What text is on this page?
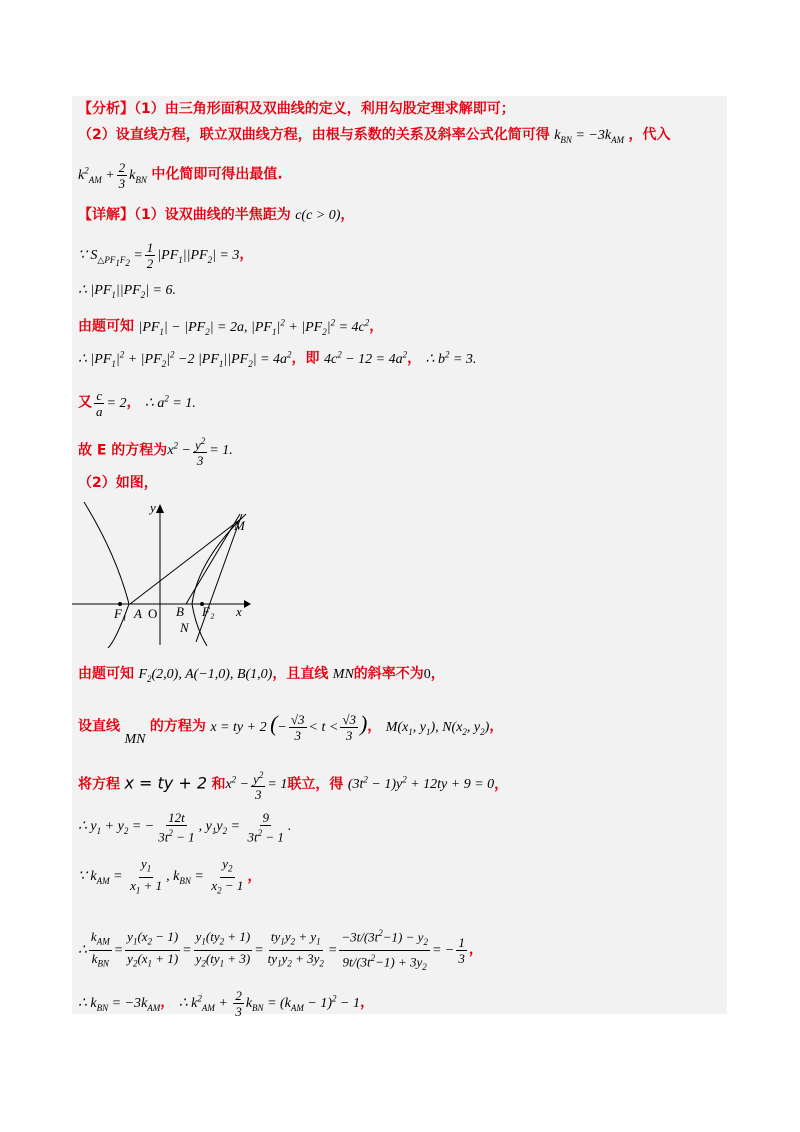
【分析】（1）由三角形面积及双曲线的定义，利用勾股定理求解即可；
（2）设直线方程，联立双曲线方程，由根与系数的关系及斜率公式化简可得 $k_{BN} = -3k_{AM}$ ，代入
$k^2_{AM} + \frac{2}{3} k_{BN}$ 中化简即可得出最值.
【详解】（1）设双曲线的半焦距为 c(c > 0)，
∵ $S_{\triangle PF_1F_2} = \frac{1}{2} |PF_1||PF_2| = 3$，
∴ $|PF_1||PF_2| = 6$.
由题可知 $|PF_1| - |PF_2| = 2a$, $|PF_1|^2 + |PF_2|^2 = 4c^2$，
∴ $|PF_1|^2 + |PF_2|^2 -2$ $|PF_1||PF_2| = 4a^2$，即 $4c^2 - 12 = 4a^2$， ∴ $b^2 = 3$.
又 $\frac{c}{a} = 2$， ∴ $a^2 = 1$.
故 E 的方程为$x^2 - \frac{y^2}{3} = 1$.
（2）如图，
y
x
O
F₁ A	B F₂
M
N
由题可知 $F_2(2,0)$, A(−1,0), B(1,0)，且直线 MN的斜率不为0，
设直线 MN 的方程为 x = ty + 2 (− $\frac{√3}{3} < t < \frac{√3}{3}$ )， $M(x_1$, $y_1$), $N(x_2$, $y_2$)，
将方程 x = ty + 2 和$x^2 - \frac{y^2}{3} = 1$联立，得 $(3t^2 - 1)y^2 + 12ty + 9 = 0$，
∴ $y_1 + y_2$ = − $\frac{12t}{3t^2 - 1}$ , $y_1y_2 = \frac{9}{3t^2 - 1}$ .
∵ $k_{AM} = \frac{y_1}{x_1 + 1}$ , $k_{BN} = \frac{y_2}{x_2 - 1}$ ，
∴ $\frac{k_{AM}}{k_{BN}} = \frac{y_1(x_2 - 1)}{y_2(x_1 + 1)} = \frac{y_1(ty_2 + 1)}{y_2(ty_1 + 3)} = \frac{ty_1y_2 + y_1}{ty_1y_2 + 3y_2} = \frac{-3t/(3t^2-1) - y_2}{9t/(3t^2-1) + 3y_2}$ = − $\frac{1}{3}$ ，
∴ $k_{BN} = -3k_{AM}$， ∴ $k^2_{AM} + \frac{2}{3} k_{BN} = (k_{AM} - 1)^2 - 1$，
